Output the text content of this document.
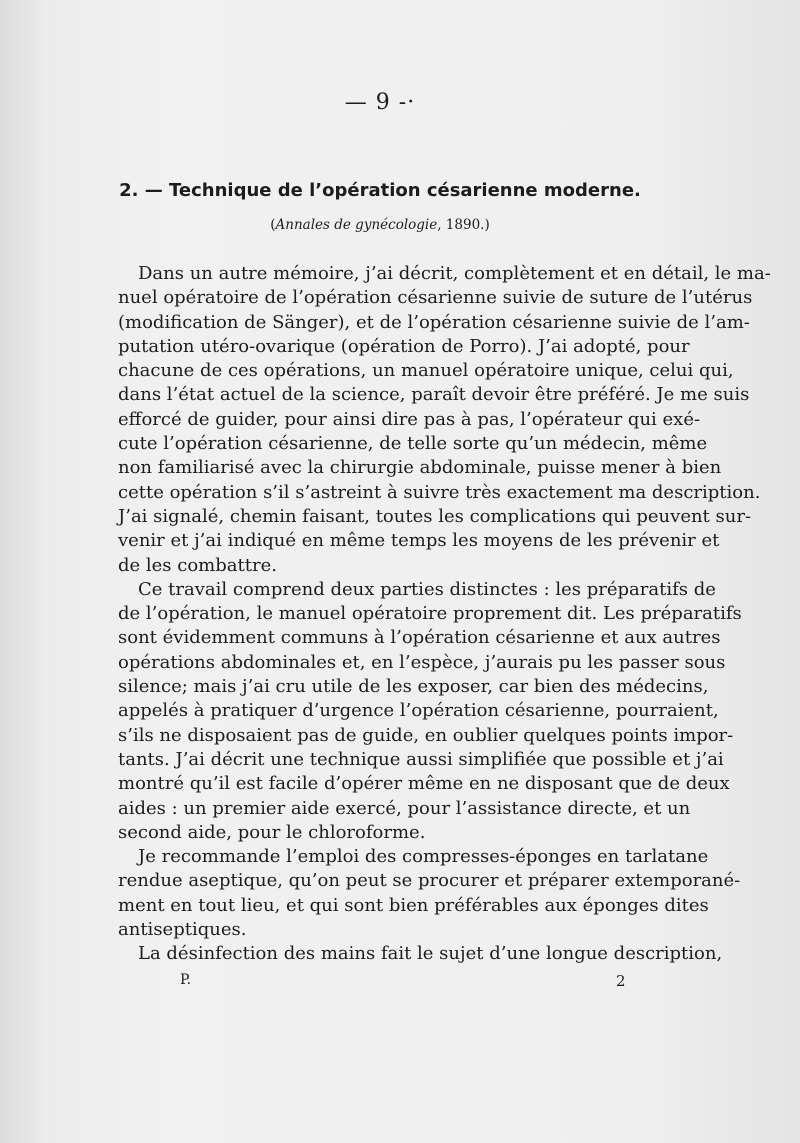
— 9 -·
2. — Technique de l’opération césarienne moderne.
(Annales de gynécologie, 1890.)
Dans un autre mémoire, j’ai décrit, complètement et en détail, le ma-
nuel opératoire de l’opération césarienne suivie de suture de l’utérus
(modification de Sänger), et de l’opération césarienne suivie de l’am-
putation utéro-ovarique (opération de Porro). J’ai adopté, pour
chacune de ces opérations, un manuel opératoire unique, celui qui,
dans l’état actuel de la science, paraît devoir être préféré. Je me suis
efforcé de guider, pour ainsi dire pas à pas, l’opérateur qui exé-
cute l’opération césarienne, de telle sorte qu’un médecin, même
non familiarisé avec la chirurgie abdominale, puisse mener à bien
cette opération s’il s’astreint à suivre très exactement ma description.
J’ai signalé, chemin faisant, toutes les complications qui peuvent sur-
venir et j’ai indiqué en même temps les moyens de les prévenir et
de les combattre.
Ce travail comprend deux parties distinctes : les préparatifs de
de l’opération, le manuel opératoire proprement dit. Les préparatifs
sont évidemment communs à l’opération césarienne et aux autres
opérations abdominales et, en l’espèce, j’aurais pu les passer sous
silence; mais j’ai cru utile de les exposer, car bien des médecins,
appelés à pratiquer d’urgence l’opération césarienne, pourraient,
s’ils ne disposaient pas de guide, en oublier quelques points impor-
tants. J’ai décrit une technique aussi simplifiée que possible et j’ai
montré qu’il est facile d’opérer même en ne disposant que de deux
aides : un premier aide exercé, pour l’assistance directe, et un
second aide, pour le chloroforme.
Je recommande l’emploi des compresses-éponges en tarlatane
rendue aseptique, qu’on peut se procurer et préparer extemporané-
ment en tout lieu, et qui sont bien préférables aux éponges dites
antiseptiques.
La désinfection des mains fait le sujet d’une longue description,
P.	2
